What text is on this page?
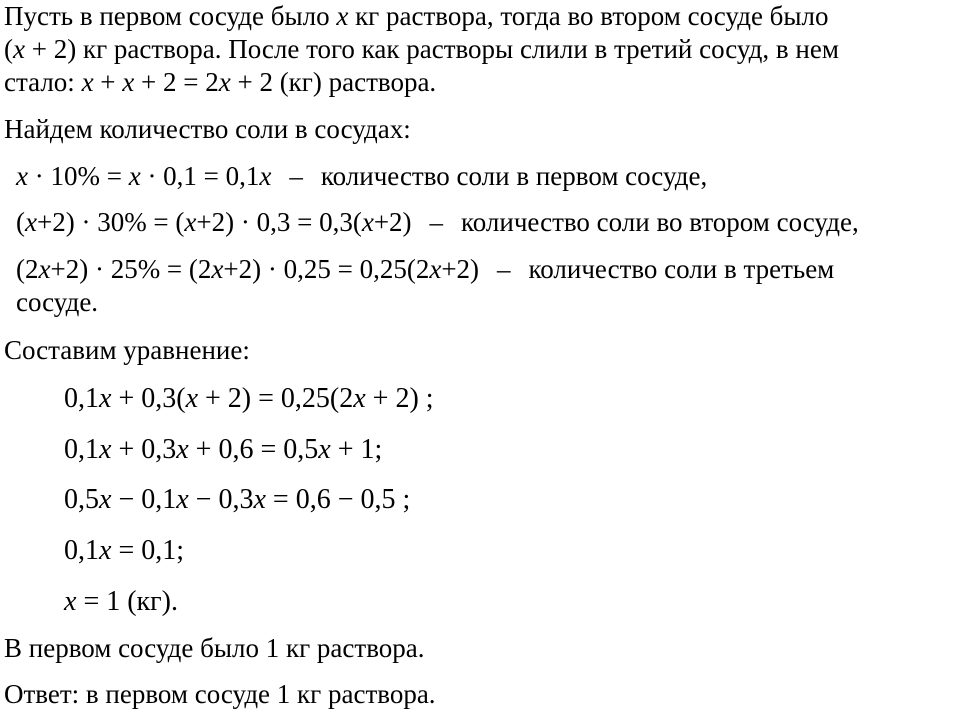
Пусть в первом сосуде было x кг раствора, тогда во втором сосуде было
(x + 2) кг раствора. После того как растворы слили в третий сосуд, в нем
стало: x + x + 2 = 2x + 2 (кг) раствора.
Найдем количество соли в сосудах:
x · 10% = x · 0,1 = 0,1x – количество соли в первом сосуде,
(x+2) · 30% = (x+2) · 0,3 = 0,3(x+2) – количество соли во втором сосуде,
(2x+2) · 25% = (2x+2) · 0,25 = 0,25(2x+2) – количество соли в третьем
сосуде.
Составим уравнение:
0,1x + 0,3(x + 2) = 0,25(2x + 2) ;
0,1x + 0,3x + 0,6 = 0,5x + 1;
0,5x − 0,1x − 0,3x = 0,6 − 0,5 ;
0,1x = 0,1;
x = 1 (кг).
В первом сосуде было 1 кг раствора.
Ответ: в первом сосуде 1 кг раствора.
